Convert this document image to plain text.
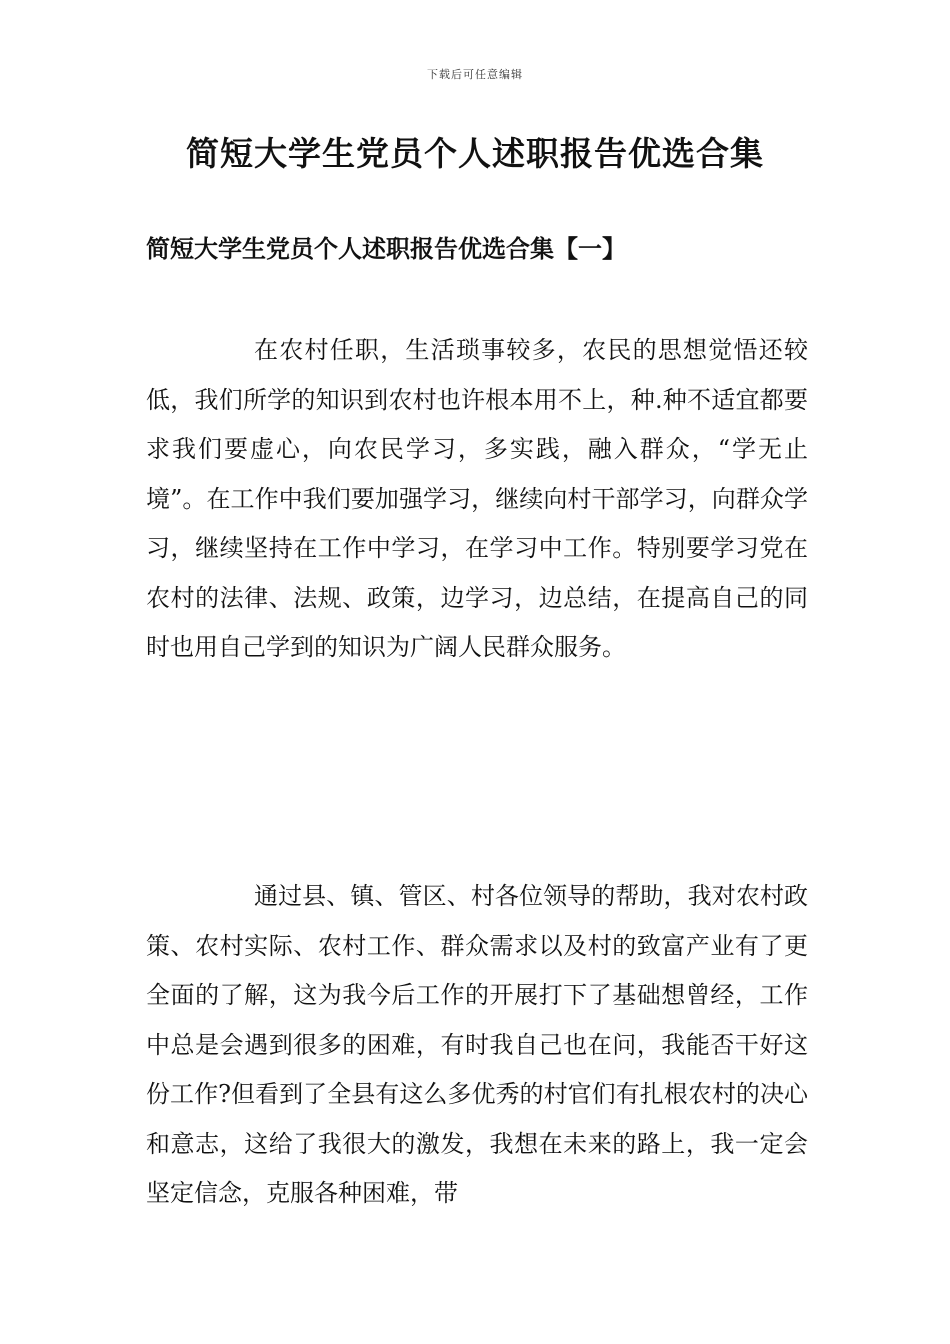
下载后可任意编辑
简短大学生党员个人述职报告优选合集
简短大学生党员个人述职报告优选合集【一】

在农村任职，生活琐事较多，农民的思想觉悟还较低，我们所学的知识到农村也许根本用不上，种.种不适宜都要求我们要虚心，向农民学习，多实践，融入群众，“学无止境”。在工作中我们要加强学习，继续向村干部学习，向群众学习，继续坚持在工作中学习，在学习中工作。特别要学习党在农村的法律、法规、政策，边学习，边总结，在提高自己的同时也用自己学到的知识为广阔人民群众服务。

通过县、镇、管区、村各位领导的帮助，我对农村政策、农村实际、农村工作、群众需求以及村的致富产业有了更全面的了解，这为我今后工作的开展打下了基础想曾经，工作中总是会遇到很多的困难，有时我自己也在问，我能否干好这份工作?但看到了全县有这么多优秀的村官们有扎根农村的决心和意志，这给了我很大的激发，我想在未来的路上，我一定会坚定信念，克服各种困难，带
